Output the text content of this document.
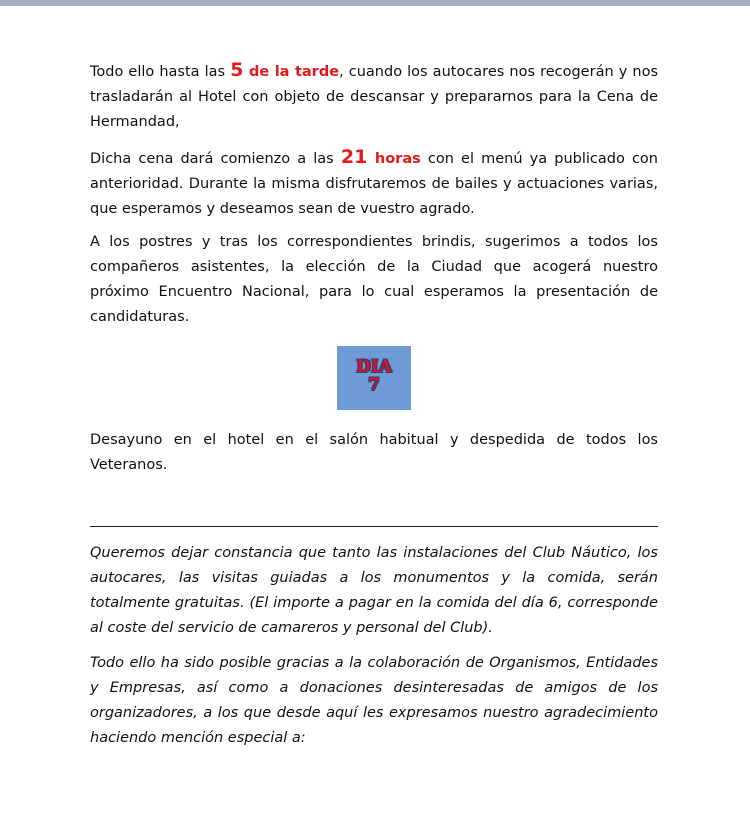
Todo ello hasta las 5 de la tarde, cuando los autocares nos recogerán y nos trasladarán al Hotel con objeto de descansar y prepararnos para la Cena de Hermandad,

Dicha cena dará comienzo a las 21 horas con el menú ya publicado con anterioridad. Durante la misma disfrutaremos de bailes y actuaciones varias, que esperamos y deseamos sean de vuestro agrado.

A los postres y tras los correspondientes brindis, sugerimos a todos los compañeros asistentes, la elección de la Ciudad que acogerá nuestro próximo Encuentro Nacional, para lo cual esperamos la presentación de candidaturas.

DIA
7

Desayuno en el hotel en el salón habitual y despedida de todos los Veteranos.

Queremos dejar constancia que tanto las instalaciones del Club Náutico, los autocares, las visitas guiadas a los monumentos y la comida, serán totalmente gratuitas. (El importe a pagar en la comida del día 6, corresponde al coste del servicio de camareros y personal del Club).

Todo ello ha sido posible gracias a la colaboración de Organismos, Entidades y Empresas, así como a donaciones desinteresadas de amigos de los organizadores, a los que desde aquí les expresamos nuestro agradecimiento haciendo mención especial a:
